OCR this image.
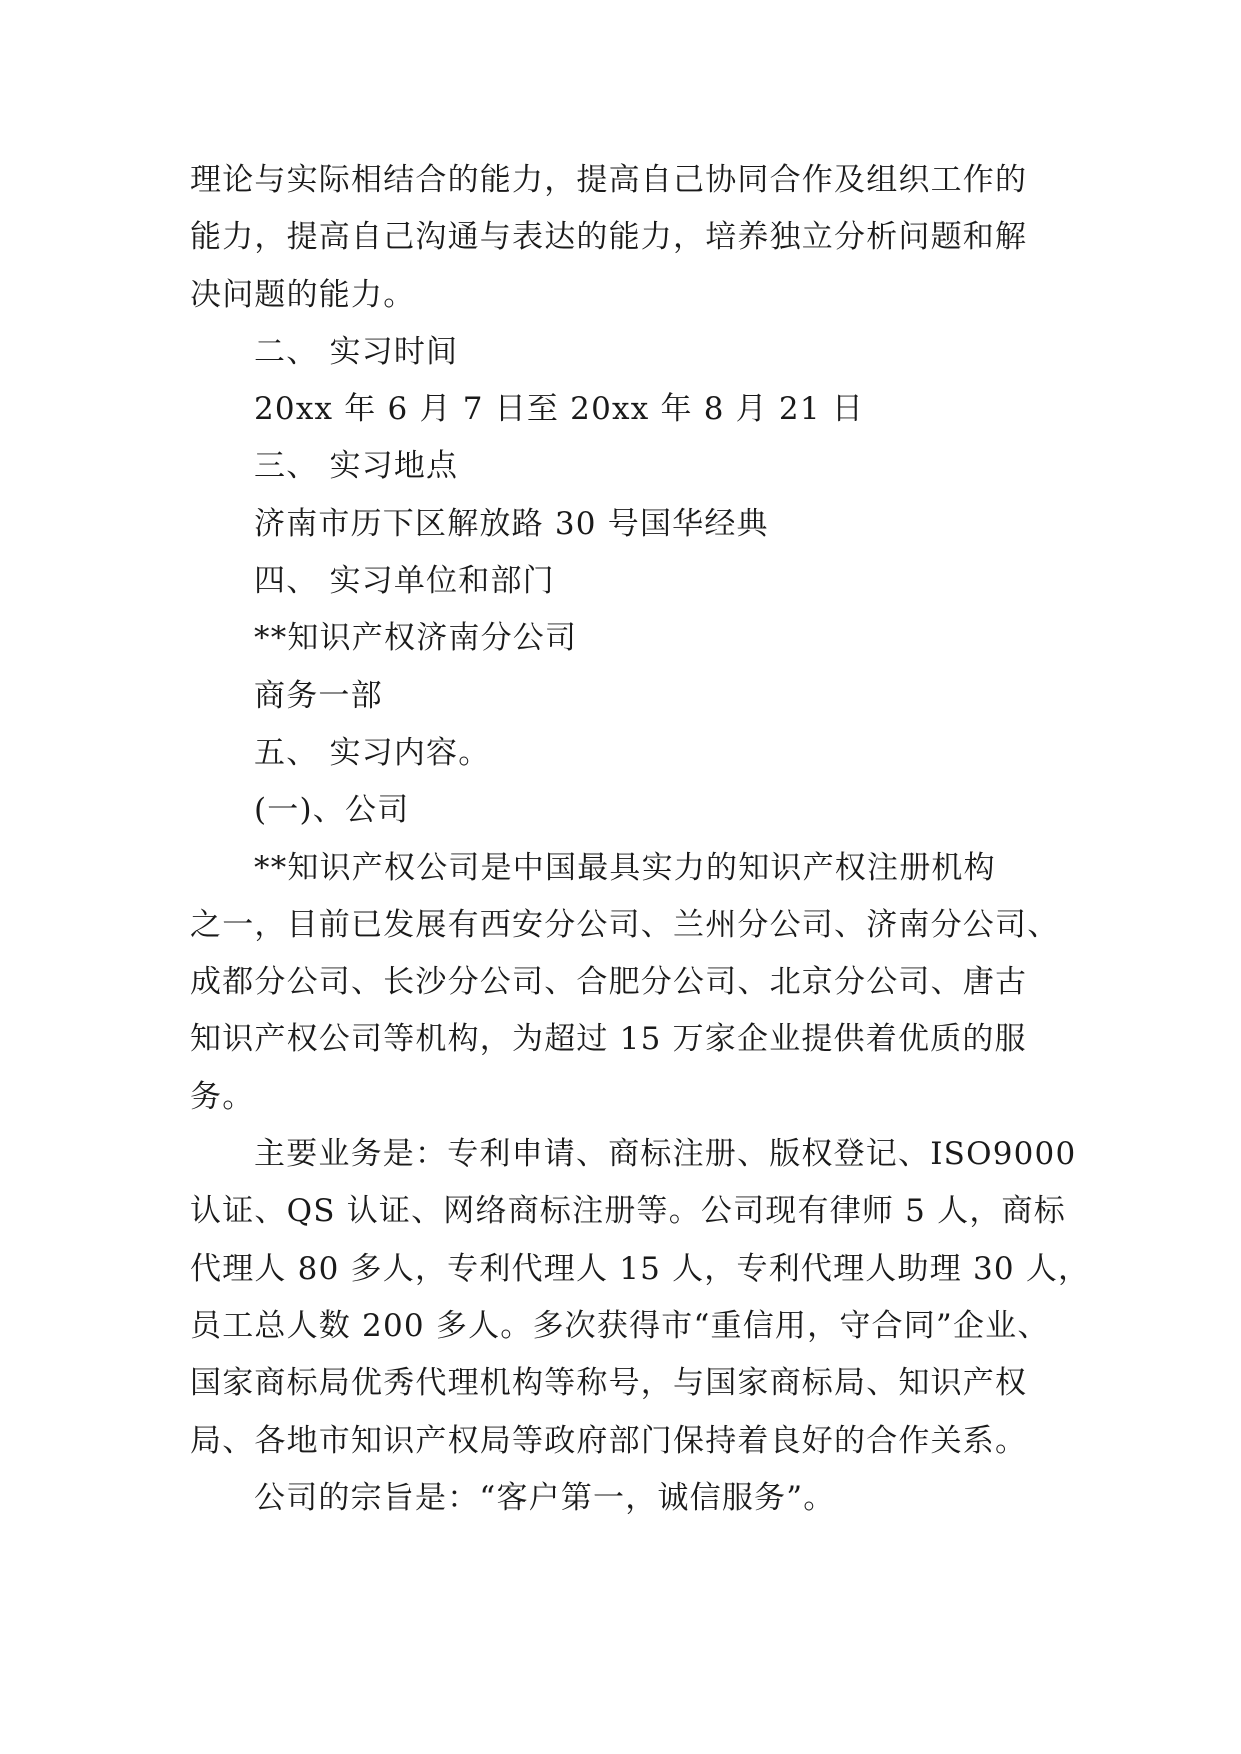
理论与实际相结合的能力，提高自己协同合作及组织工作的
能力，提高自己沟通与表达的能力，培养独立分析问题和解
决问题的能力。
二、 实习时间
20xx 年 6 月 7 日至 20xx 年 8 月 21 日
三、 实习地点
济南市历下区解放路 30 号国华经典
四、 实习单位和部门
**知识产权济南分公司
商务一部
五、 实习内容。
(一)、公司
**知识产权公司是中国最具实力的知识产权注册机构
之一，目前已发展有西安分公司、兰州分公司、济南分公司、
成都分公司、长沙分公司、合肥分公司、北京分公司、唐古
知识产权公司等机构，为超过 15 万家企业提供着优质的服
务。
主要业务是：专利申请、商标注册、版权登记、ISO9000
认证、QS 认证、网络商标注册等。公司现有律师 5 人，商标
代理人 80 多人，专利代理人 15 人，专利代理人助理 30 人，
员工总人数 200 多人。多次获得市“重信用，守合同”企业、
国家商标局优秀代理机构等称号，与国家商标局、知识产权
局、各地市知识产权局等政府部门保持着良好的合作关系。
公司的宗旨是：“客户第一，诚信服务”。
